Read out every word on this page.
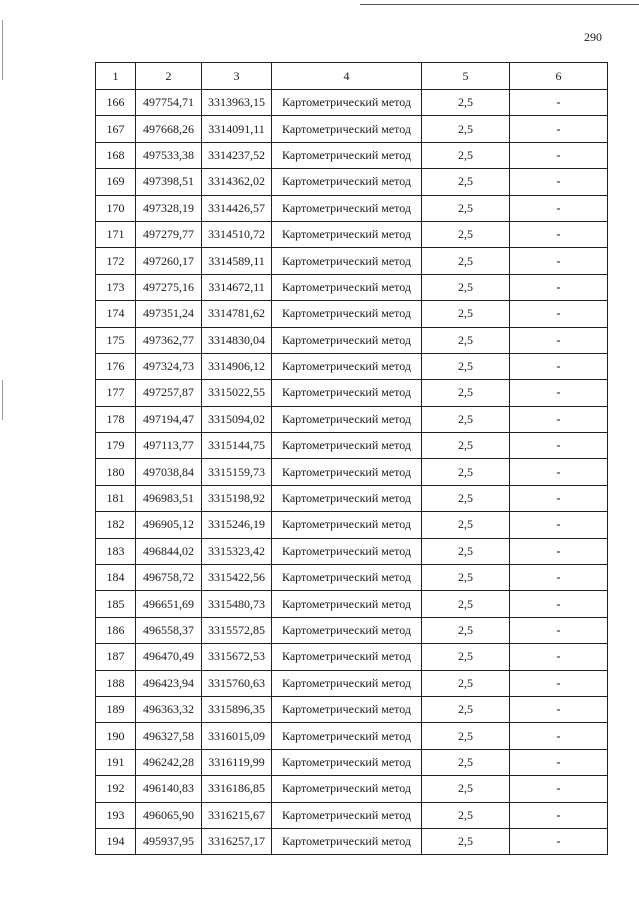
290
1	2	3	4	5	6
166	497754,71	3313963,15	Картометрический метод	2,5	-
167	497668,26	3314091,11	Картометрический метод	2,5	-
168	497533,38	3314237,52	Картометрический метод	2,5	-
169	497398,51	3314362,02	Картометрический метод	2,5	-
170	497328,19	3314426,57	Картометрический метод	2,5	-
171	497279,77	3314510,72	Картометрический метод	2,5	-
172	497260,17	3314589,11	Картометрический метод	2,5	-
173	497275,16	3314672,11	Картометрический метод	2,5	-
174	497351,24	3314781,62	Картометрический метод	2,5	-
175	497362,77	3314830,04	Картометрический метод	2,5	-
176	497324,73	3314906,12	Картометрический метод	2,5	-
177	497257,87	3315022,55	Картометрический метод	2,5	-
178	497194,47	3315094,02	Картометрический метод	2,5	-
179	497113,77	3315144,75	Картометрический метод	2,5	-
180	497038,84	3315159,73	Картометрический метод	2,5	-
181	496983,51	3315198,92	Картометрический метод	2,5	-
182	496905,12	3315246,19	Картометрический метод	2,5	-
183	496844,02	3315323,42	Картометрический метод	2,5	-
184	496758,72	3315422,56	Картометрический метод	2,5	-
185	496651,69	3315480,73	Картометрический метод	2,5	-
186	496558,37	3315572,85	Картометрический метод	2,5	-
187	496470,49	3315672,53	Картометрический метод	2,5	-
188	496423,94	3315760,63	Картометрический метод	2,5	-
189	496363,32	3315896,35	Картометрический метод	2,5	-
190	496327,58	3316015,09	Картометрический метод	2,5	-
191	496242,28	3316119,99	Картометрический метод	2,5	-
192	496140,83	3316186,85	Картометрический метод	2,5	-
193	496065,90	3316215,67	Картометрический метод	2,5	-
194	495937,95	3316257,17	Картометрический метод	2,5	-
